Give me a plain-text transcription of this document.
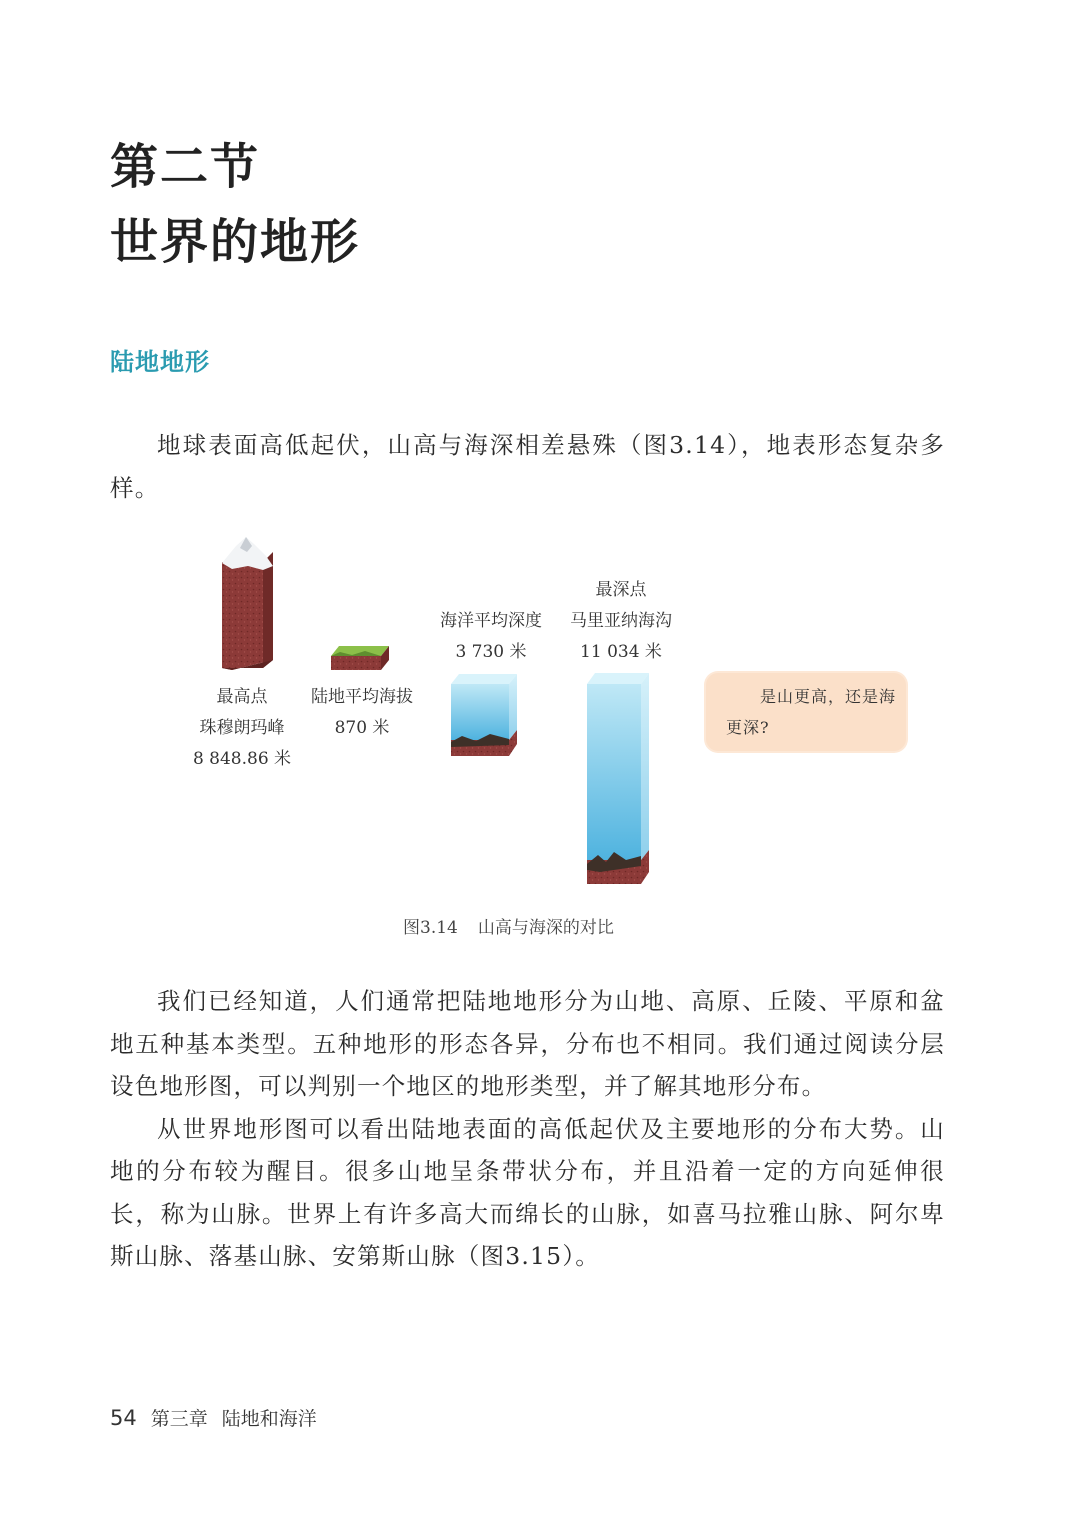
第二节
世界的地形
陆地地形

地球表面高低起伏，山高与海深相差悬殊（图3.14），地表形态复杂多样。

最高点
珠穆朗玛峰
8 848.86 米
陆地平均海拔
870 米
海洋平均深度
3 730 米
最深点
马里亚纳海沟
11 034 米
是山更高，还是海更深?
图3.14 山高与海深的对比

我们已经知道，人们通常把陆地地形分为山地、高原、丘陵、平原和盆地五种基本类型。五种地形的形态各异，分布也不相同。我们通过阅读分层设色地形图，可以判别一个地区的地形类型，并了解其地形分布。

从世界地形图可以看出陆地表面的高低起伏及主要地形的分布大势。山地的分布较为醒目。很多山地呈条带状分布，并且沿着一定的方向延伸很长，称为山脉。世界上有许多高大而绵长的山脉，如喜马拉雅山脉、阿尔卑斯山脉、落基山脉、安第斯山脉（图3.15）。

54 第三章 陆地和海洋
